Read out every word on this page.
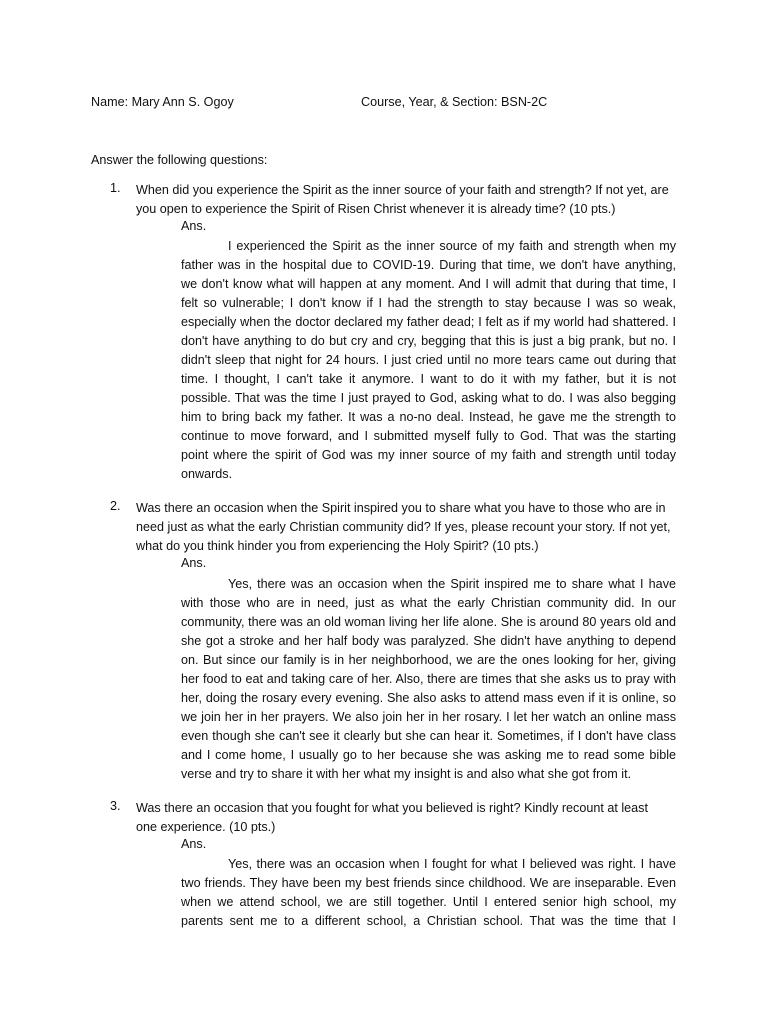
Name: Mary Ann S. Ogoy	Course, Year, & Section: BSN-2C
Answer the following questions:
1.	When did you experience the Spirit as the inner source of your faith and strength? If not yet, are
you open to experience the Spirit of Risen Christ whenever it is already time? (10 pts.)
Ans.
I experienced the Spirit as the inner source of my faith and strength when my
father was in the hospital due to COVID-19. During that time, we don't have anything,
we don't know what will happen at any moment. And I will admit that during that time, I
felt so vulnerable; I don't know if I had the strength to stay because I was so weak,
especially when the doctor declared my father dead; I felt as if my world had shattered. I
don't have anything to do but cry and cry, begging that this is just a big prank, but no. I
didn't sleep that night for 24 hours. I just cried until no more tears came out during that
time. I thought, I can't take it anymore. I want to do it with my father, but it is not
possible. That was the time I just prayed to God, asking what to do. I was also begging
him to bring back my father. It was a no-no deal. Instead, he gave me the strength to
continue to move forward, and I submitted myself fully to God. That was the starting
point where the spirit of God was my inner source of my faith and strength until today
onwards.
2.	Was there an occasion when the Spirit inspired you to share what you have to those who are in
need just as what the early Christian community did? If yes, please recount your story. If not yet,
what do you think hinder you from experiencing the Holy Spirit? (10 pts.)
Ans.
Yes, there was an occasion when the Spirit inspired me to share what I have
with those who are in need, just as what the early Christian community did. In our
community, there was an old woman living her life alone. She is around 80 years old and
she got a stroke and her half body was paralyzed. She didn't have anything to depend
on. But since our family is in her neighborhood, we are the ones looking for her, giving
her food to eat and taking care of her. Also, there are times that she asks us to pray with
her, doing the rosary every evening. She also asks to attend mass even if it is online, so
we join her in her prayers. We also join her in her rosary. I let her watch an online mass
even though she can't see it clearly but she can hear it. Sometimes, if I don't have class
and I come home, I usually go to her because she was asking me to read some bible
verse and try to share it with her what my insight is and also what she got from it.
3.	Was there an occasion that you fought for what you believed is right? Kindly recount at least
one experience. (10 pts.)
Ans.
Yes, there was an occasion when I fought for what I believed was right. I have
two friends. They have been my best friends since childhood. We are inseparable. Even
when we attend school, we are still together. Until I entered senior high school, my
parents sent me to a different school, a Christian school. That was the time that I
